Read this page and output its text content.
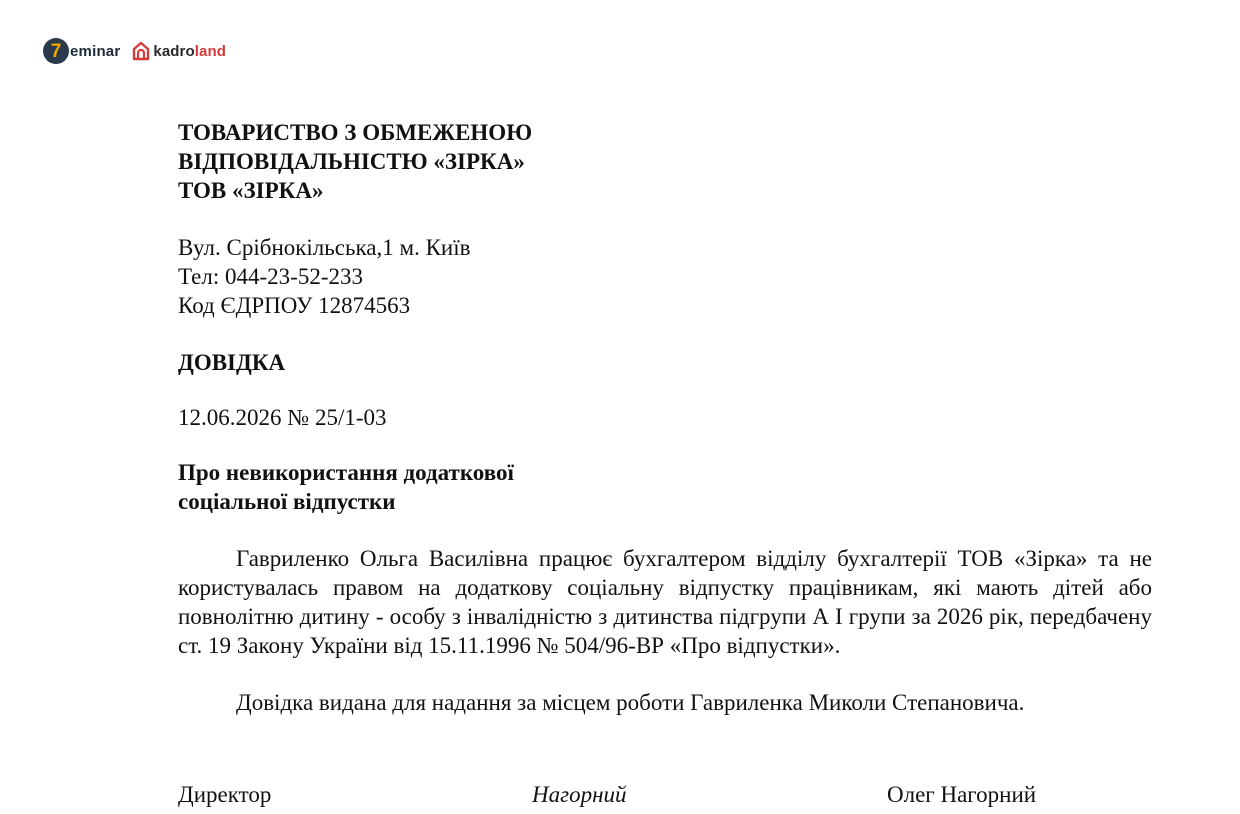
7 eminar kadroland
ТОВАРИСТВО З ОБМЕЖЕНОЮ
ВІДПОВІДАЛЬНІСТЮ «ЗІРКА»
ТОВ «ЗІРКА»
Вул. Срібнокільська,1 м. Київ
Тел: 044-23-52-233
Код ЄДРПОУ 12874563
ДОВІДКА
12.06.2026 № 25/1-03
Про невикористання додаткової
соціальної відпустки
Гавриленко Ольга Василівна працює бухгалтером відділу бухгалтерії ТОВ «Зірка» та не користувалась правом на додаткову соціальну відпустку працівникам, які мають дітей або повнолітню дитину - особу з інвалідністю з дитинства підгрупи А І групи за 2026 рік, передбачену ст. 19 Закону України від 15.11.1996 № 504/96-ВР «Про відпустки».
Довідка видана для надання за місцем роботи Гавриленка Миколи Степановича.
Директор	Нагорний	Олег Нагорний
